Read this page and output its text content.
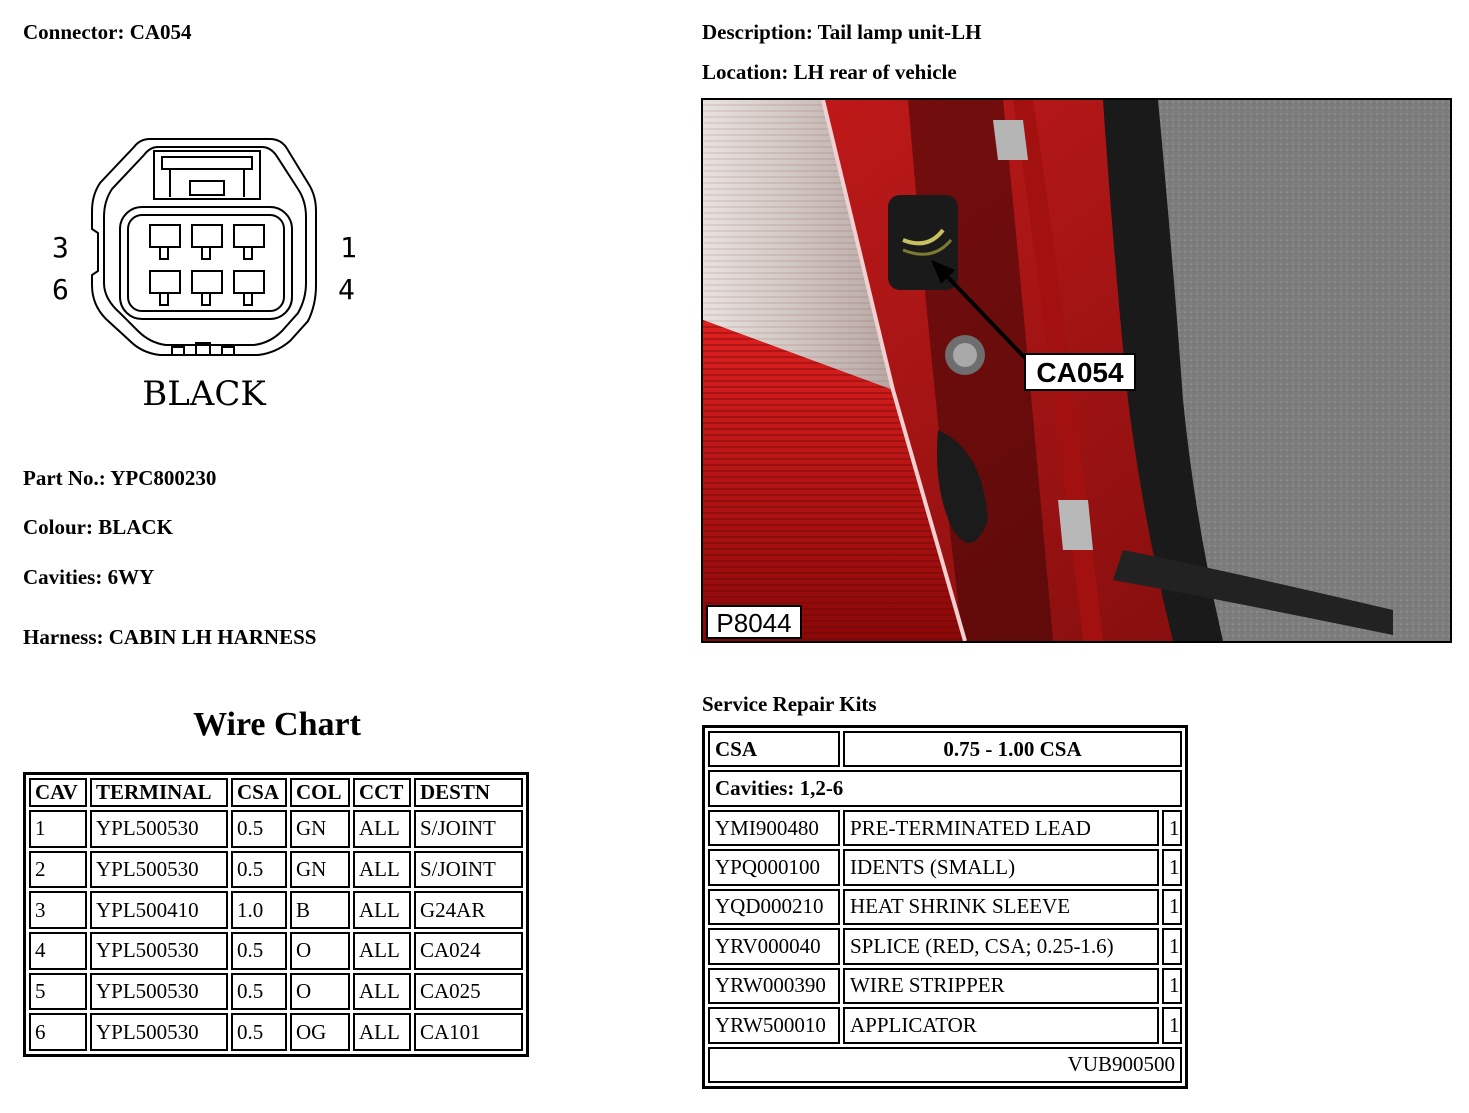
Connector: CA054
3
6
1
4
BLACK
Part No.: YPC800230
Colour: BLACK
Cavities: 6WY
Harness: CABIN LH HARNESS
Wire Chart
CAV	TERMINAL	CSA	COL	CCT	DESTN
1	YPL500530	0.5	GN	ALL	S/JOINT
2	YPL500530	0.5	GN	ALL	S/JOINT
3	YPL500410	1.0	B	ALL	G24AR
4	YPL500530	0.5	O	ALL	CA024
5	YPL500530	0.5	O	ALL	CA025
6	YPL500530	0.5	OG	ALL	CA101
Description: Tail lamp unit-LH
Location: LH rear of vehicle
CA054
P8044
Service Repair Kits
CSA	0.75 - 1.00 CSA	
Cavities: 1,2-6		
YMI900480	PRE-TERMINATED LEAD	1
YPQ000100	IDENTS (SMALL)	1
YQD000210	HEAT SHRINK SLEEVE	1
YRV000040	SPLICE (RED, CSA; 0.25-1.6)	1
YRW000390	WIRE STRIPPER	1
YRW500010	APPLICATOR	1
VUB900500		
